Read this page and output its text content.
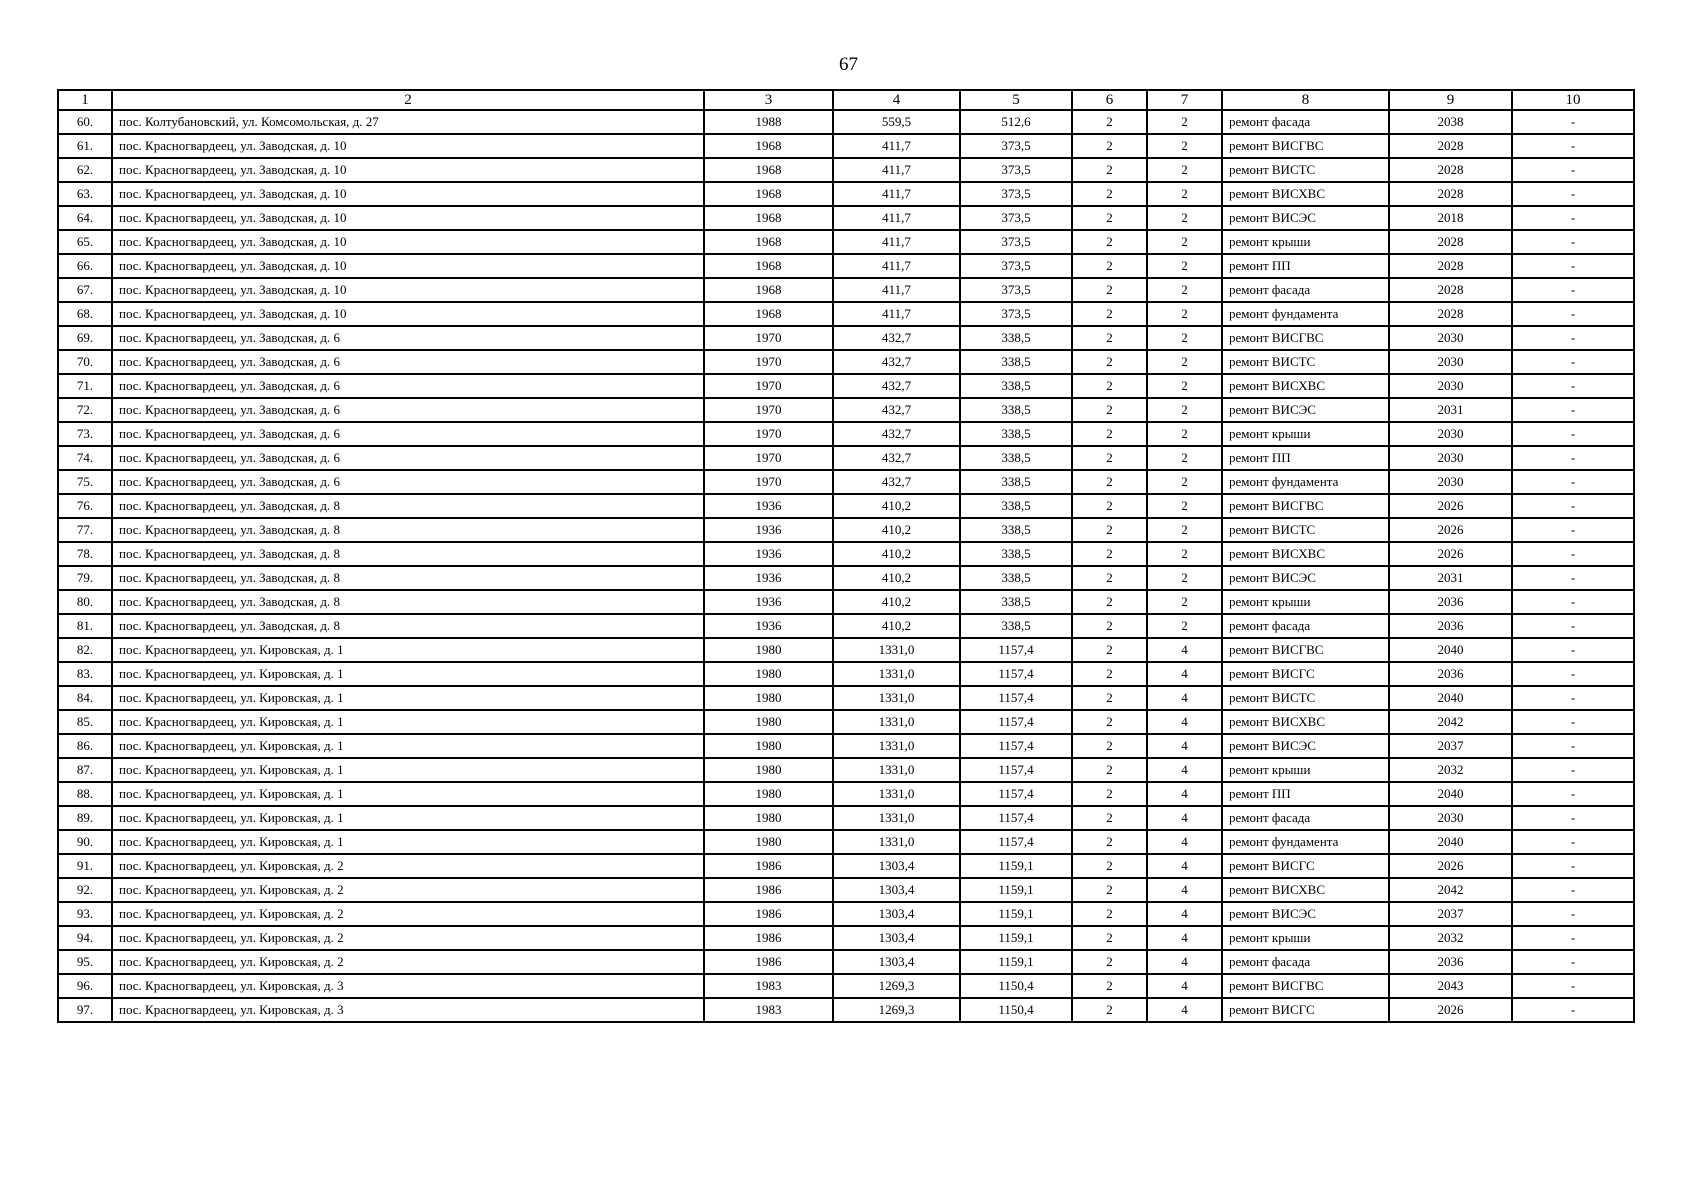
67
1	2	3	4	5	6	7	8	9	10
60.	пос. Колтубановский, ул. Комсомольская, д. 27	1988	559,5	512,6	2	2	ремонт фасада	2038	-
61.	пос. Красногвардеец, ул. Заводская, д. 10	1968	411,7	373,5	2	2	ремонт ВИСГВС	2028	-
62.	пос. Красногвардеец, ул. Заводская, д. 10	1968	411,7	373,5	2	2	ремонт ВИСТС	2028	-
63.	пос. Красногвардеец, ул. Заводская, д. 10	1968	411,7	373,5	2	2	ремонт ВИСХВС	2028	-
64.	пос. Красногвардеец, ул. Заводская, д. 10	1968	411,7	373,5	2	2	ремонт ВИСЭС	2018	-
65.	пос. Красногвардеец, ул. Заводская, д. 10	1968	411,7	373,5	2	2	ремонт крыши	2028	-
66.	пос. Красногвардеец, ул. Заводская, д. 10	1968	411,7	373,5	2	2	ремонт ПП	2028	-
67.	пос. Красногвардеец, ул. Заводская, д. 10	1968	411,7	373,5	2	2	ремонт фасада	2028	-
68.	пос. Красногвардеец, ул. Заводская, д. 10	1968	411,7	373,5	2	2	ремонт фундамента	2028	-
69.	пос. Красногвардеец, ул. Заводская, д. 6	1970	432,7	338,5	2	2	ремонт ВИСГВС	2030	-
70.	пос. Красногвардеец, ул. Заводская, д. 6	1970	432,7	338,5	2	2	ремонт ВИСТС	2030	-
71.	пос. Красногвардеец, ул. Заводская, д. 6	1970	432,7	338,5	2	2	ремонт ВИСХВС	2030	-
72.	пос. Красногвардеец, ул. Заводская, д. 6	1970	432,7	338,5	2	2	ремонт ВИСЭС	2031	-
73.	пос. Красногвардеец, ул. Заводская, д. 6	1970	432,7	338,5	2	2	ремонт крыши	2030	-
74.	пос. Красногвардеец, ул. Заводская, д. 6	1970	432,7	338,5	2	2	ремонт ПП	2030	-
75.	пос. Красногвардеец, ул. Заводская, д. 6	1970	432,7	338,5	2	2	ремонт фундамента	2030	-
76.	пос. Красногвардеец, ул. Заводская, д. 8	1936	410,2	338,5	2	2	ремонт ВИСГВС	2026	-
77.	пос. Красногвардеец, ул. Заводская, д. 8	1936	410,2	338,5	2	2	ремонт ВИСТС	2026	-
78.	пос. Красногвардеец, ул. Заводская, д. 8	1936	410,2	338,5	2	2	ремонт ВИСХВС	2026	-
79.	пос. Красногвардеец, ул. Заводская, д. 8	1936	410,2	338,5	2	2	ремонт ВИСЭС	2031	-
80.	пос. Красногвардеец, ул. Заводская, д. 8	1936	410,2	338,5	2	2	ремонт крыши	2036	-
81.	пос. Красногвардеец, ул. Заводская, д. 8	1936	410,2	338,5	2	2	ремонт фасада	2036	-
82.	пос. Красногвардеец, ул. Кировская, д. 1	1980	1331,0	1157,4	2	4	ремонт ВИСГВС	2040	-
83.	пос. Красногвардеец, ул. Кировская, д. 1	1980	1331,0	1157,4	2	4	ремонт ВИСГС	2036	-
84.	пос. Красногвардеец, ул. Кировская, д. 1	1980	1331,0	1157,4	2	4	ремонт ВИСТС	2040	-
85.	пос. Красногвардеец, ул. Кировская, д. 1	1980	1331,0	1157,4	2	4	ремонт ВИСХВС	2042	-
86.	пос. Красногвардеец, ул. Кировская, д. 1	1980	1331,0	1157,4	2	4	ремонт ВИСЭС	2037	-
87.	пос. Красногвардеец, ул. Кировская, д. 1	1980	1331,0	1157,4	2	4	ремонт крыши	2032	-
88.	пос. Красногвардеец, ул. Кировская, д. 1	1980	1331,0	1157,4	2	4	ремонт ПП	2040	-
89.	пос. Красногвардеец, ул. Кировская, д. 1	1980	1331,0	1157,4	2	4	ремонт фасада	2030	-
90.	пос. Красногвардеец, ул. Кировская, д. 1	1980	1331,0	1157,4	2	4	ремонт фундамента	2040	-
91.	пос. Красногвардеец, ул. Кировская, д. 2	1986	1303,4	1159,1	2	4	ремонт ВИСГС	2026	-
92.	пос. Красногвардеец, ул. Кировская, д. 2	1986	1303,4	1159,1	2	4	ремонт ВИСХВС	2042	-
93.	пос. Красногвардеец, ул. Кировская, д. 2	1986	1303,4	1159,1	2	4	ремонт ВИСЭС	2037	-
94.	пос. Красногвардеец, ул. Кировская, д. 2	1986	1303,4	1159,1	2	4	ремонт крыши	2032	-
95.	пос. Красногвардеец, ул. Кировская, д. 2	1986	1303,4	1159,1	2	4	ремонт фасада	2036	-
96.	пос. Красногвардеец, ул. Кировская, д. 3	1983	1269,3	1150,4	2	4	ремонт ВИСГВС	2043	-
97.	пос. Красногвардеец, ул. Кировская, д. 3	1983	1269,3	1150,4	2	4	ремонт ВИСГС	2026	-
